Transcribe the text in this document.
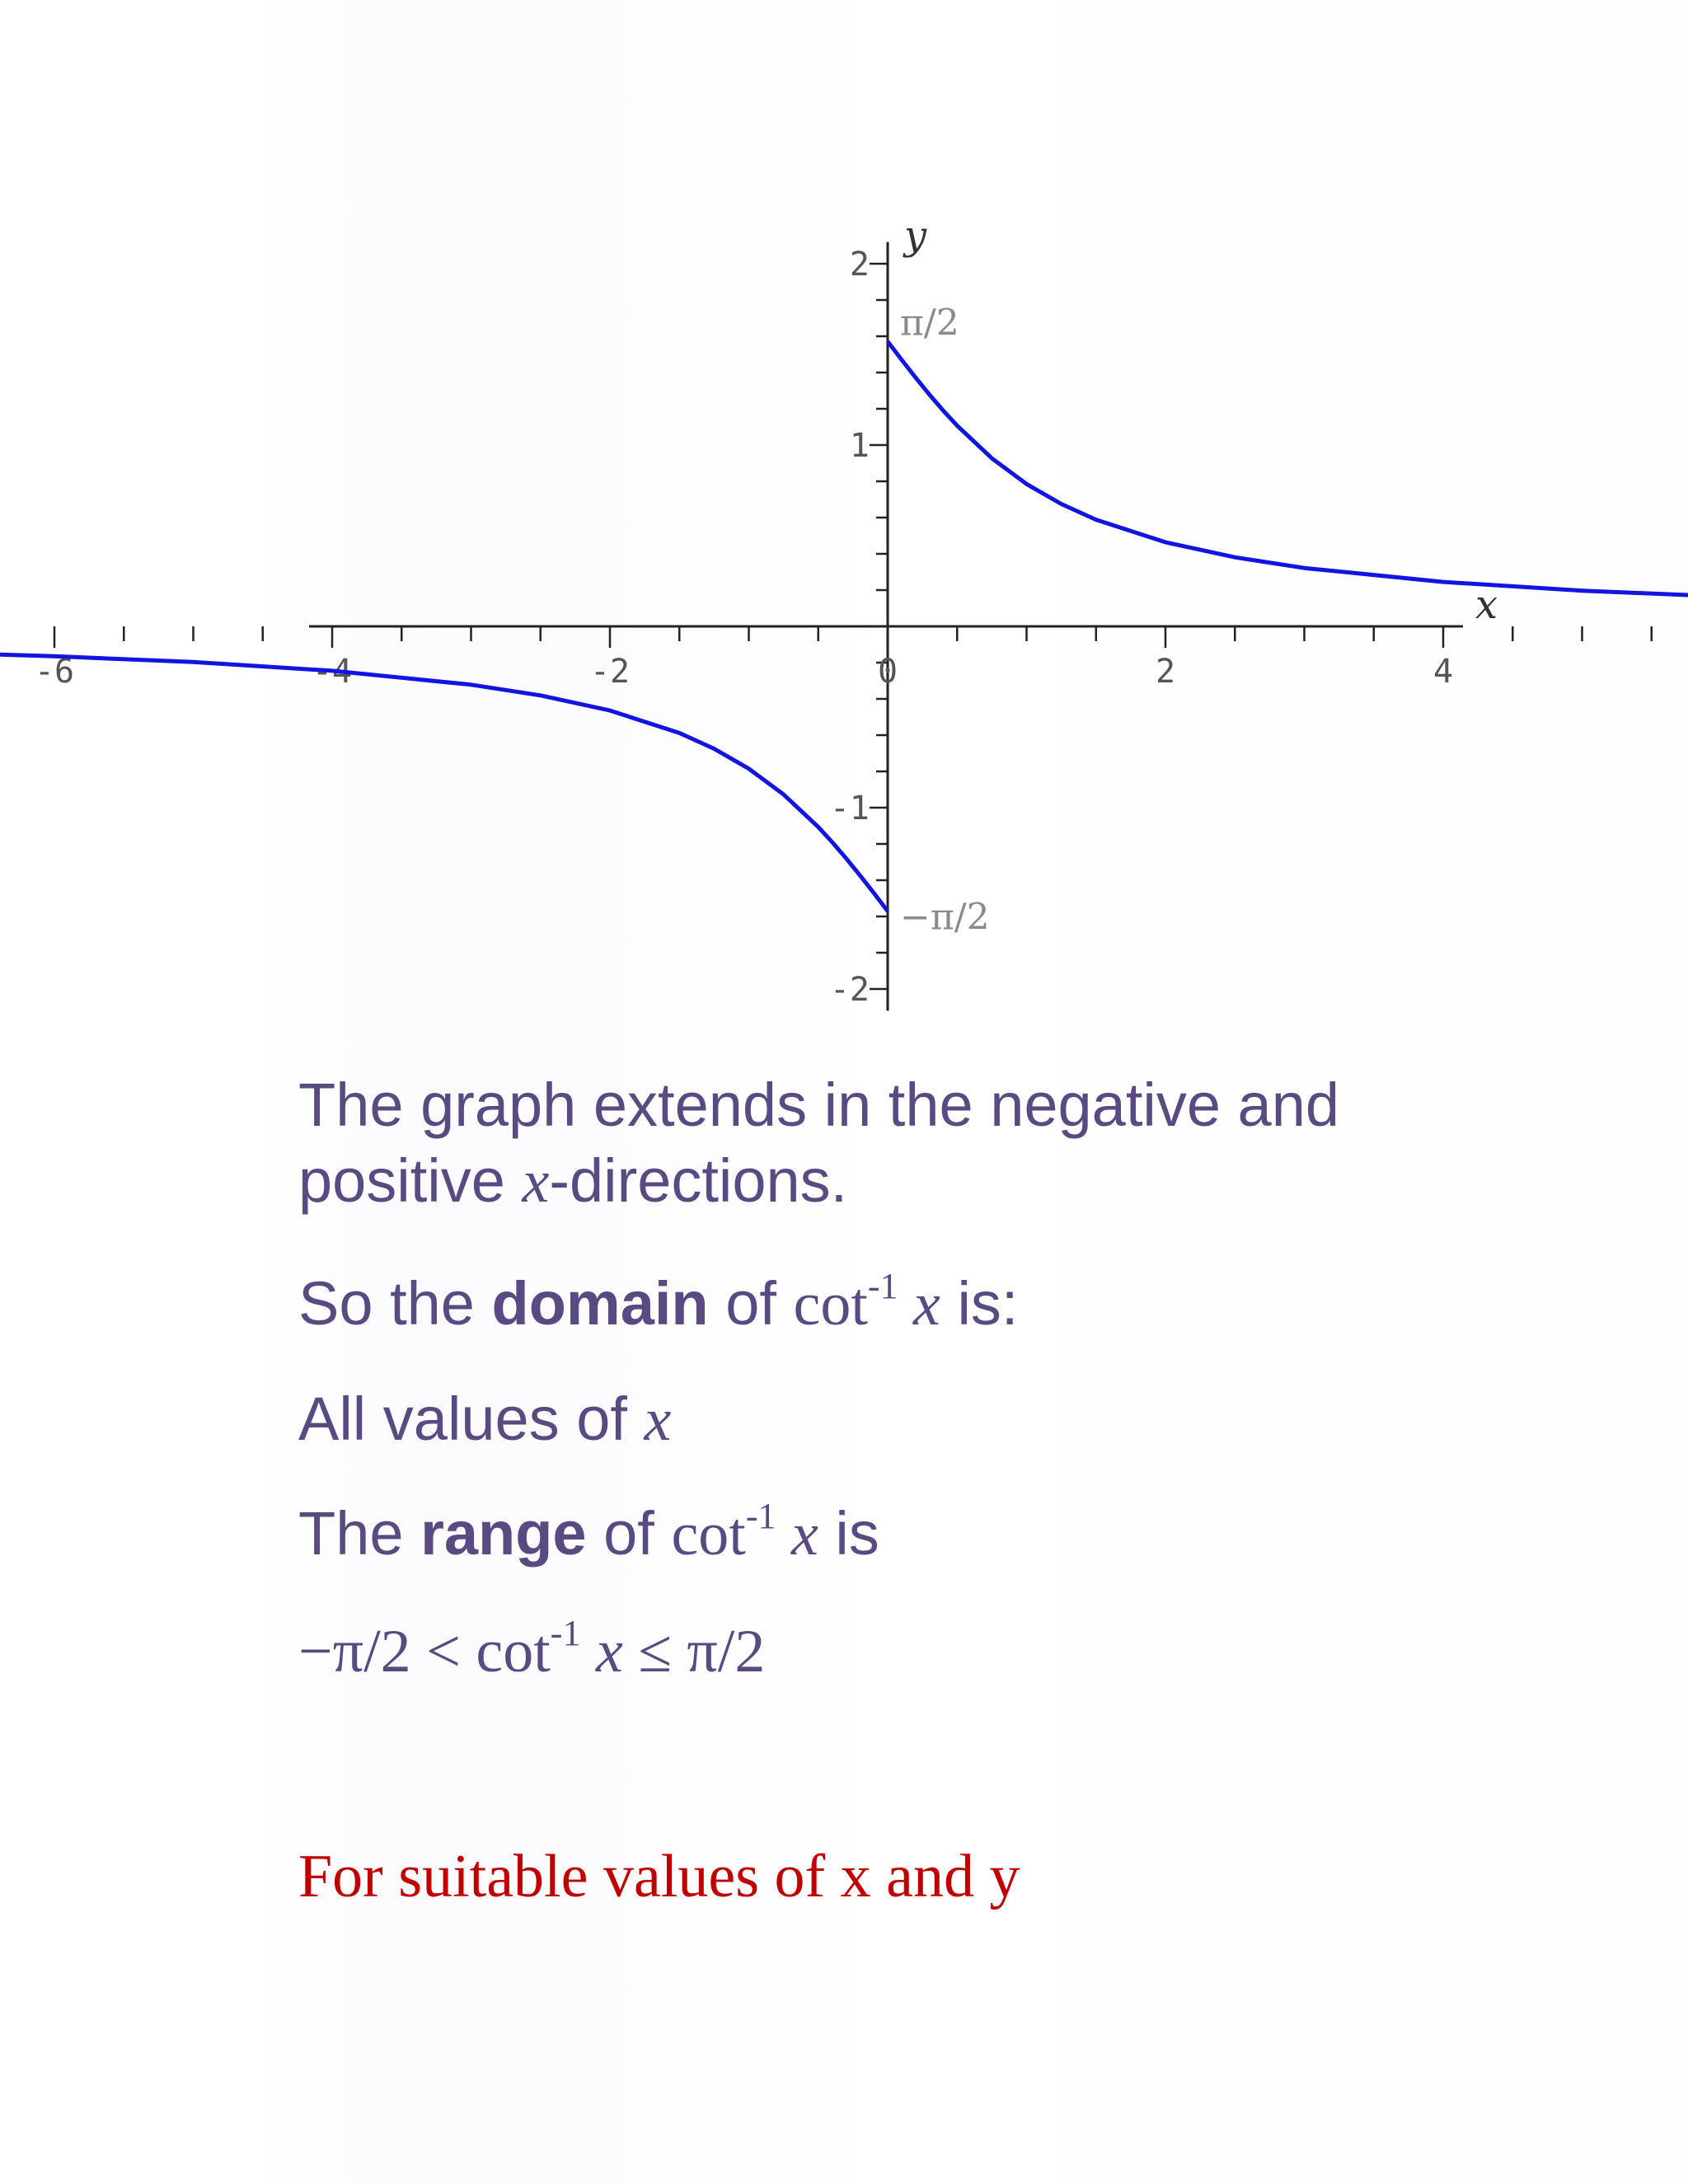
-6	-4	-2	0	2	4
2
1
-1
-2
x
y
π/2
−π/2
The graph extends in the negative and
positive x-directions.
So the domain of $\cot^{-1} x$ is:
All values of x
The range of $\cot^{-1} x$ is
$-\pi/2 < \cot^{-1} x \le \pi/2$
For suitable values of x and y
